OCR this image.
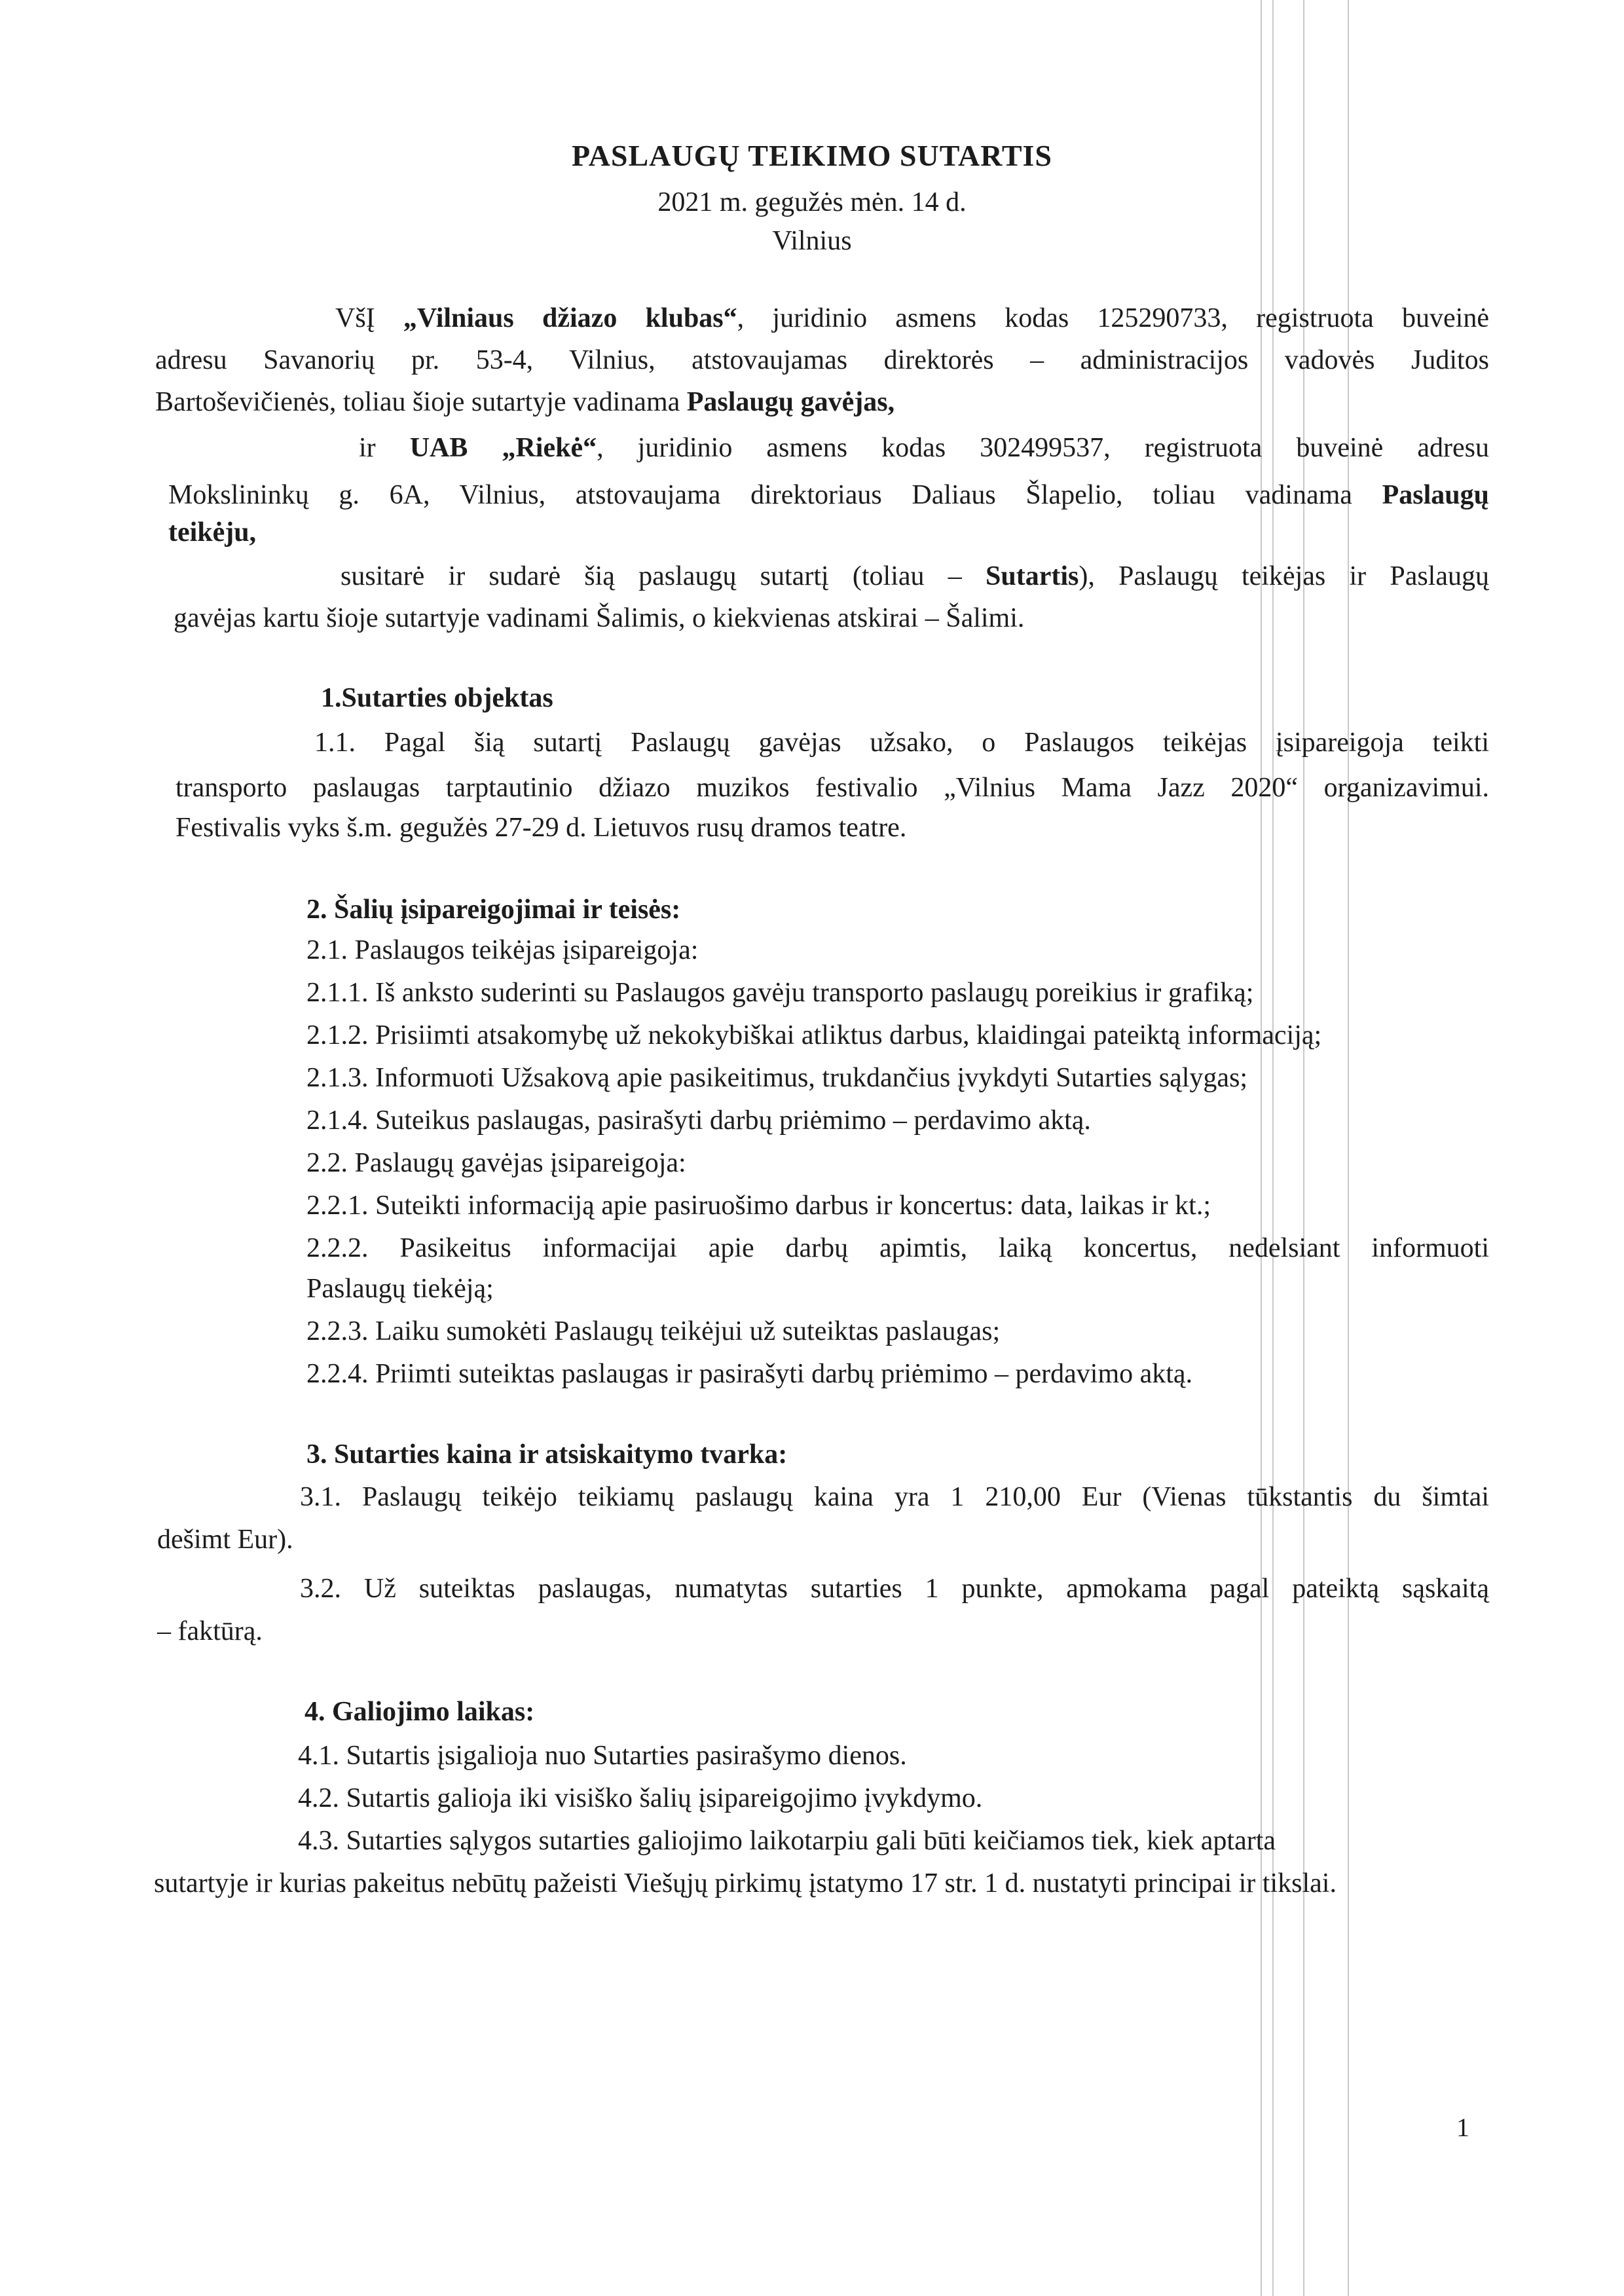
PASLAUGŲ TEIKIMO SUTARTIS
2021 m. gegužės mėn. 14 d.
Vilnius
VšĮ „Vilniaus džiazo klubas“, juridinio asmens kodas 125290733, registruota buveinė
adresu Savanorių pr. 53-4, Vilnius, atstovaujamas direktorės – administracijos vadovės Juditos
Bartoševičienės, toliau šioje sutartyje vadinama Paslaugų gavėjas,
ir UAB „Riekė“, juridinio asmens kodas 302499537, registruota buveinė adresu
Mokslininkų g. 6A, Vilnius, atstovaujama direktoriaus Daliaus Šlapelio, toliau vadinama Paslaugų
teikėju,
susitarė ir sudarė šią paslaugų sutartį (toliau – Sutartis), Paslaugų teikėjas ir Paslaugų
gavėjas kartu šioje sutartyje vadinami Šalimis, o kiekvienas atskirai – Šalimi.
1.Sutarties objektas
1.1. Pagal šią sutartį Paslaugų gavėjas užsako, o Paslaugos teikėjas įsipareigoja teikti
transporto paslaugas tarptautinio džiazo muzikos festivalio „Vilnius Mama Jazz 2020“ organizavimui.
Festivalis vyks š.m. gegužės 27-29 d. Lietuvos rusų dramos teatre.
2. Šalių įsipareigojimai ir teisės:
2.1. Paslaugos teikėjas įsipareigoja:
2.1.1. Iš anksto suderinti su Paslaugos gavėju transporto paslaugų poreikius ir grafiką;
2.1.2. Prisiimti atsakomybę už nekokybiškai atliktus darbus, klaidingai pateiktą informaciją;
2.1.3. Informuoti Užsakovą apie pasikeitimus, trukdančius įvykdyti Sutarties sąlygas;
2.1.4. Suteikus paslaugas, pasirašyti darbų priėmimo – perdavimo aktą.
2.2. Paslaugų gavėjas įsipareigoja:
2.2.1. Suteikti informaciją apie pasiruošimo darbus ir koncertus: data, laikas ir kt.;
2.2.2. Pasikeitus informacijai apie darbų apimtis, laiką koncertus, nedelsiant informuoti
Paslaugų tiekėją;
2.2.3. Laiku sumokėti Paslaugų teikėjui už suteiktas paslaugas;
2.2.4. Priimti suteiktas paslaugas ir pasirašyti darbų priėmimo – perdavimo aktą.
3. Sutarties kaina ir atsiskaitymo tvarka:
3.1. Paslaugų teikėjo teikiamų paslaugų kaina yra 1 210,00 Eur (Vienas tūkstantis du šimtai
dešimt Eur).
3.2. Už suteiktas paslaugas, numatytas sutarties 1 punkte, apmokama pagal pateiktą sąskaitą
– faktūrą.
4. Galiojimo laikas:
4.1. Sutartis įsigalioja nuo Sutarties pasirašymo dienos.
4.2. Sutartis galioja iki visiško šalių įsipareigojimo įvykdymo.
4.3. Sutarties sąlygos sutarties galiojimo laikotarpiu gali būti keičiamos tiek, kiek aptarta
sutartyje ir kurias pakeitus nebūtų pažeisti Viešųjų pirkimų įstatymo 17 str. 1 d. nustatyti principai ir tikslai.
1
